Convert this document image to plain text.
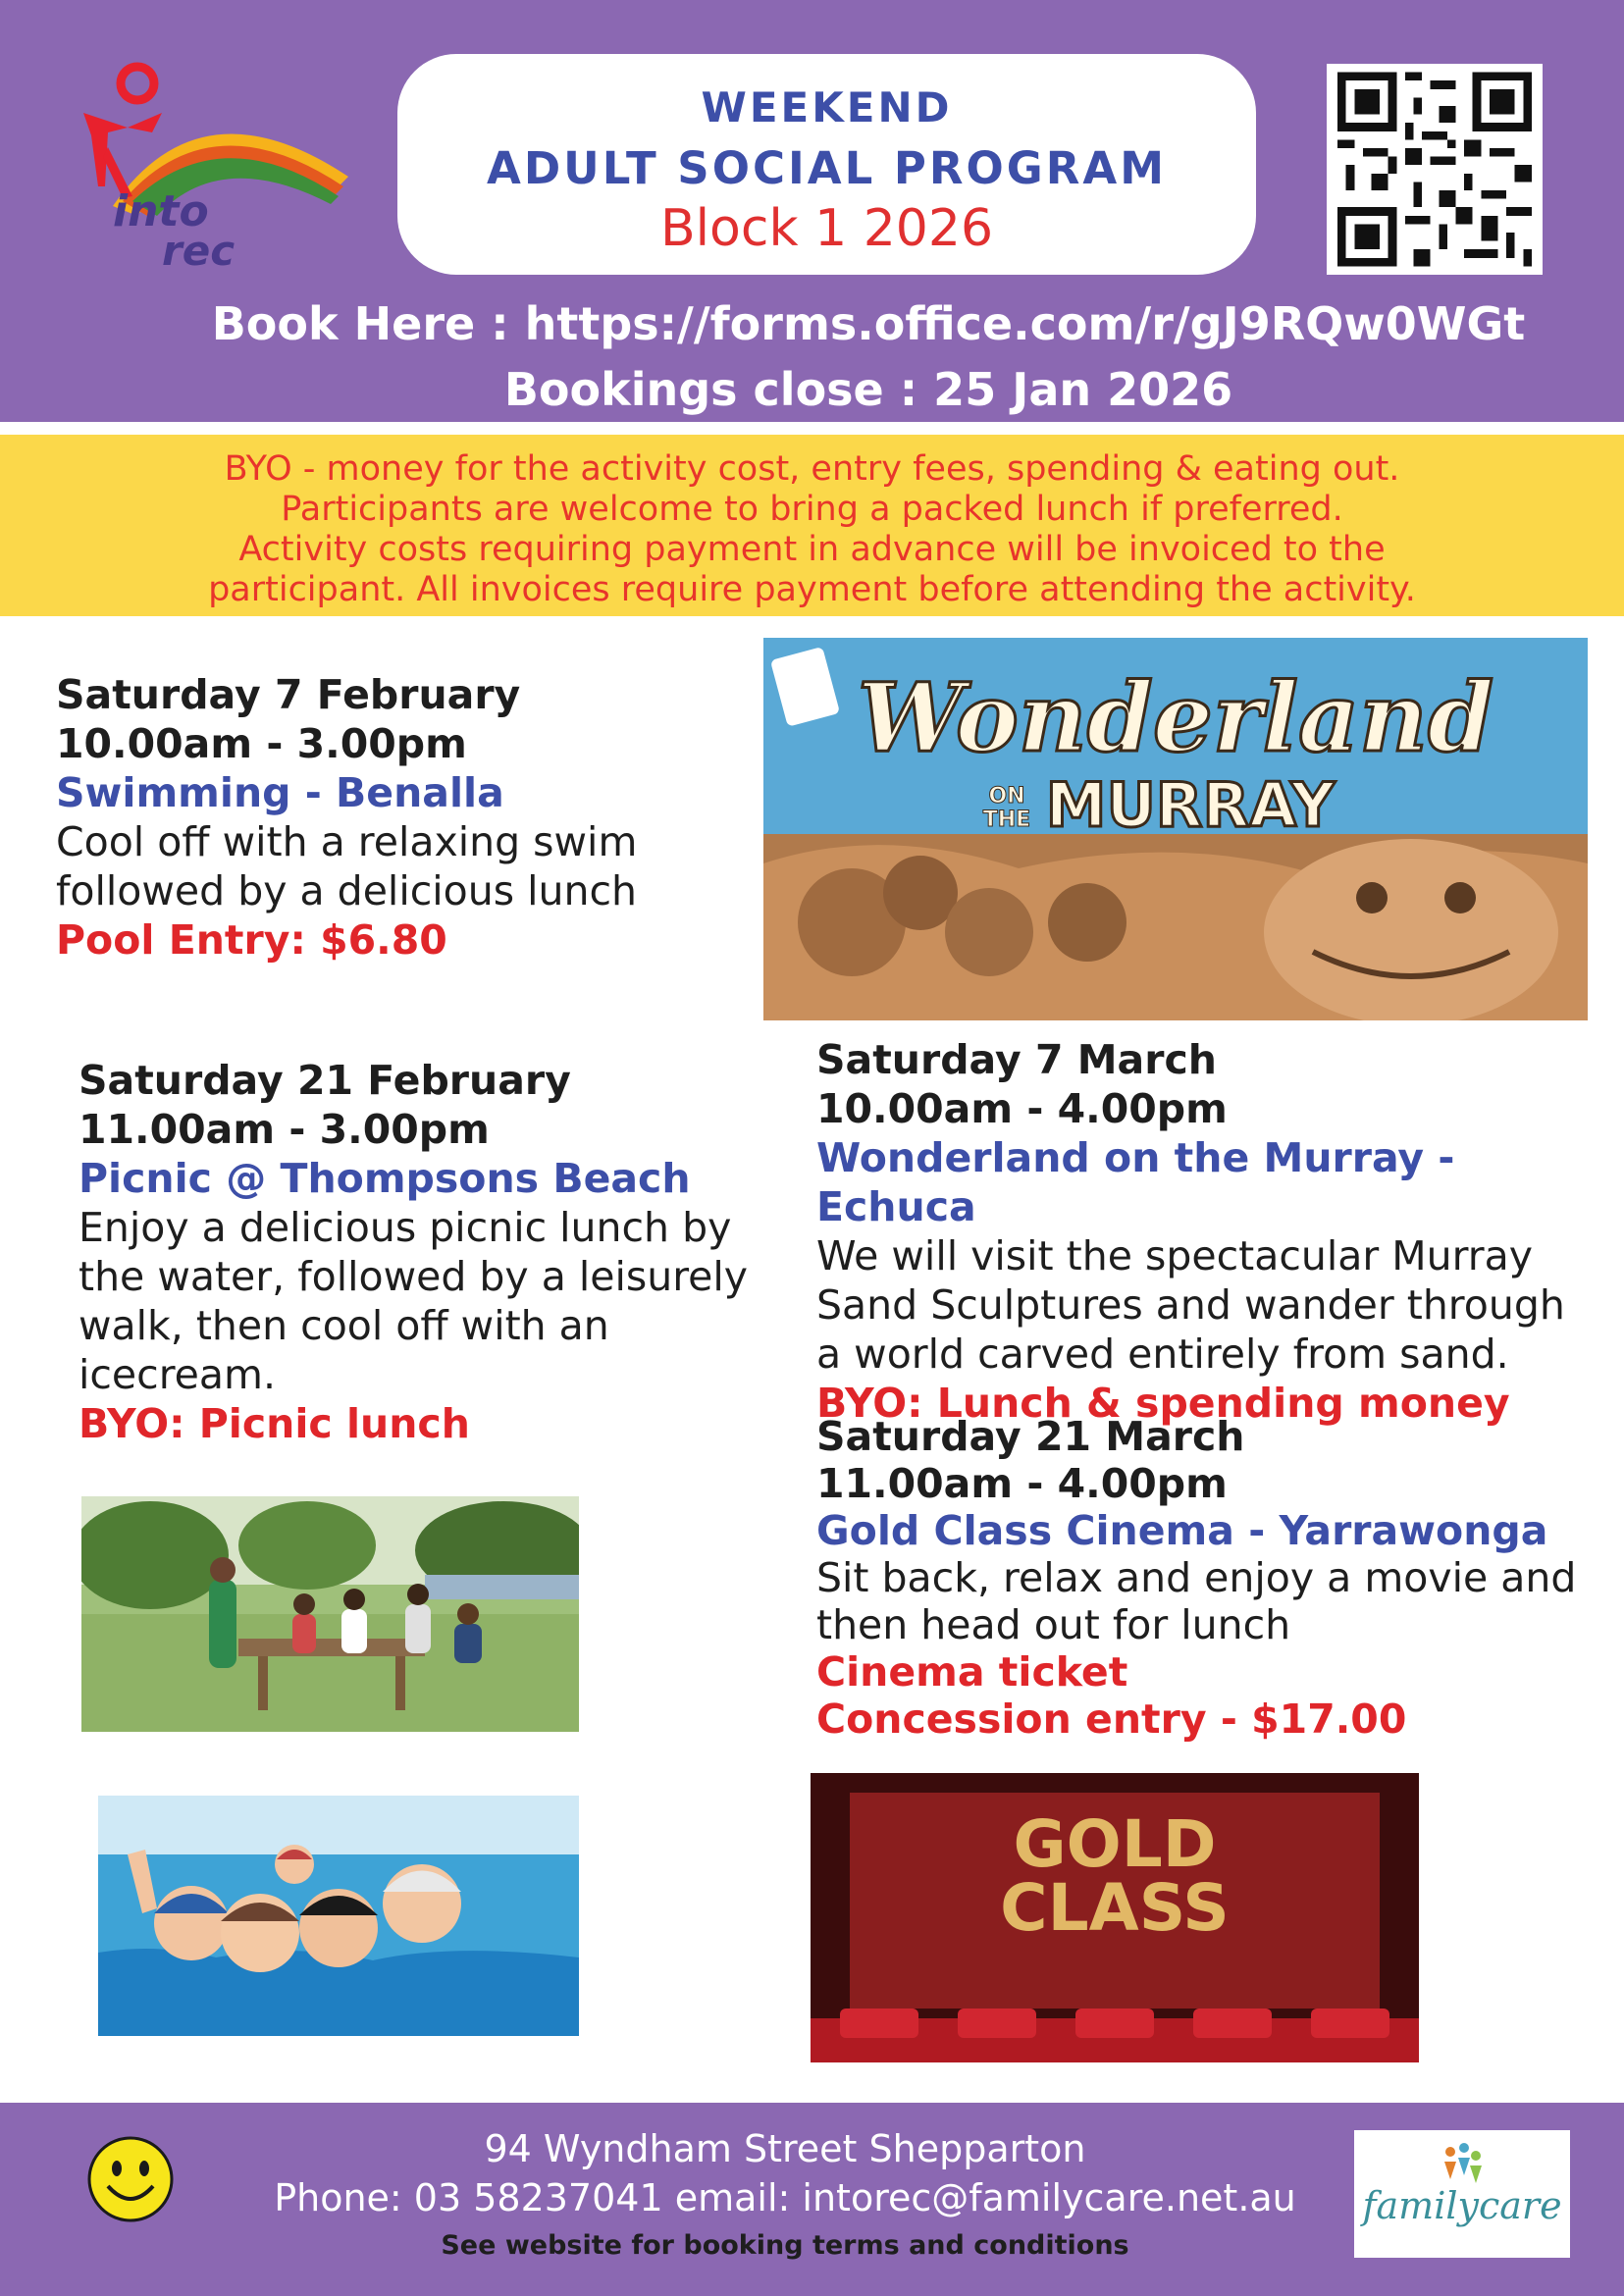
into
rec
WEEKEND
ADULT SOCIAL PROGRAM
Block 1 2026
Book Here : https://forms.office.com/r/gJ9RQw0WGt
Bookings close : 25 Jan 2026
BYO - money for the activity cost, entry fees, spending & eating out.
Participants are welcome to bring a packed lunch if preferred.
Activity costs requiring payment in advance will be invoiced to the
participant. All invoices require payment before attending the activity.
Saturday 7 February
10.00am - 3.00pm
Swimming - Benalla
Cool off with a relaxing swim
followed by a delicious lunch
Pool Entry: $6.80
Wonderland
ON
THE MURRAY
Saturday 21 February
11.00am - 3.00pm
Picnic @ Thompsons Beach
Enjoy a delicious picnic lunch by
the water, followed by a leisurely
walk, then cool off with an
icecream.
BYO: Picnic lunch
Saturday 7 March
10.00am - 4.00pm
Wonderland on the Murray - Echuca
We will visit the spectacular Murray
Sand Sculptures and wander through
a world carved entirely from sand.
BYO: Lunch & spending money
Saturday 21 March
11.00am - 4.00pm
Gold Class Cinema - Yarrawonga
Sit back, relax and enjoy a movie and
then head out for lunch
Cinema ticket
Concession entry - $17.00
GOLD
CLASS
94 Wyndham Street Shepparton
Phone: 03 58237041 email: intorec@familycare.net.au
See website for booking terms and conditions
familycare
